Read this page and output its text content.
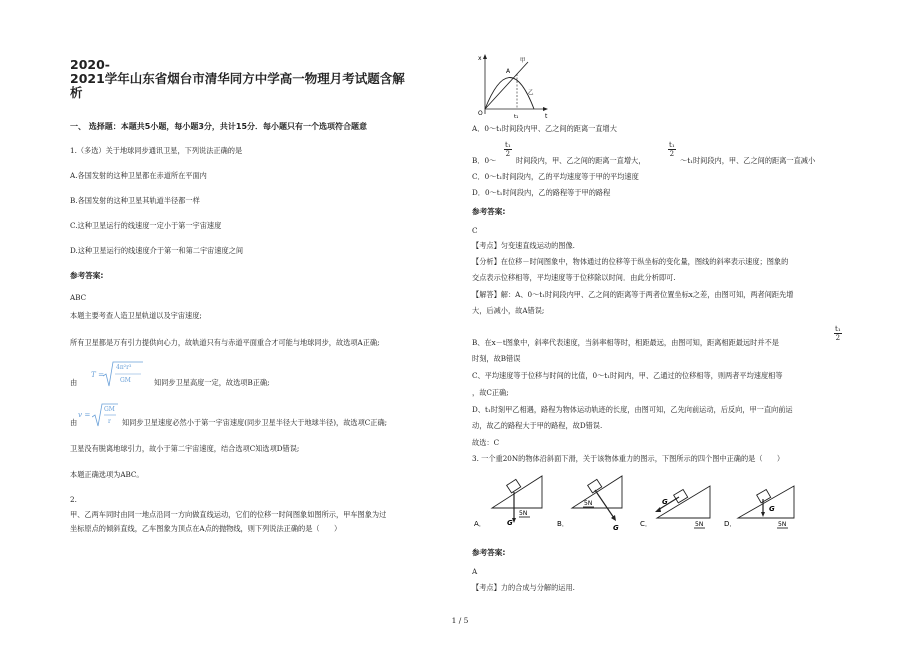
2020-
2021学年山东省烟台市清华同方中学高一物理月考试题含解
析
一、 选择题：本题共5小题，每小题3分，共计15分．每小题只有一个选项符合题意
1.（多选）关于地球同步通讯卫星，下列说法正确的是
A.各国发射的这种卫星都在赤道所在平面内
B.各国发射的这种卫星其轨道半径都一样
C.这种卫星运行的线速度一定小于第一宇宙速度
D.这种卫星运行的线速度介于第一和第二宇宙速度之间
参考答案:
ABC
本题主要考查人造卫星轨道以及宇宙速度;
所有卫星都是万有引力提供向心力，故轨道只有与赤道平面重合才可能与地球同步，故选项A正确;
由
T =
4π²r³
GM	知同步卫星高度一定，故选项B正确;
由
v =
GM
r 知同步卫星速度必然小于第一宇宙速度(同步卫星半径大于地球半径)，故选项C正确;
卫星没有脱离地球引力，故小于第二宇宙速度，结合选项C知选项D错误;
本题正确选项为ABC。
2.
甲、乙两车同时由同一地点沿同一方向做直线运动，它们的位移一时间图象如图所示，甲车图象为过
坐标原点的倾斜直线，乙车图象为顶点在A点的抛物线，则下列说法正确的是（　　）
x
t
O	t₁
A
甲
乙
A．0～t₁时间段内甲、乙之间的距离一直增大
B．0～
$\frac{\text{t₁}}{2}$
时间段内，甲、乙之间的距离一直增大，
$\frac{\text{t₁}}{2}$
～t₁时间段内，甲、乙之间的距离一直减小
C．0～t₁时间段内，乙的平均速度等于甲的平均速度
D．0～t₁时间段内，乙的路程等于甲的路程
参考答案:
C
【考点】匀变速直线运动的图像.
【分析】在位移－时间图象中，物体通过的位移等于纵坐标的变化量，图线的斜率表示速度；图象的
交点表示位移相等，平均速度等于位移除以时间．由此分析即可.
【解答】解：A、0～t₁时间段内甲、乙之间的距离等于两者位置坐标x之差，由图可知，两者间距先增
大，后减小，故A错误;
B、在x－t图象中，斜率代表速度，当斜率相等时，相距最远，由图可知，距离相距最远时并不是
$\frac{\text{t₁}}{2}$
时刻，故B错误
C、平均速度等于位移与时间的比值，0～t₁时间内，甲、乙通过的位移相等，则两者平均速度相等
，故C正确;
D、t₁时刻甲乙相遇，路程为物体运动轨迹的长度，由图可知，乙先向前运动，后反向，甲一直向前运
动，故乙的路程大于甲的路程，故D错误.
故选：C
3. 一个重20N的物体沿斜面下滑，关于该物体重力的图示，下图所示的四个图中正确的是（　　）
A．	G
5N
B．	G
5N
C．
G
5N	D．
G
5N
参考答案:
A
【考点】力的合成与分解的运用.
1 / 5
